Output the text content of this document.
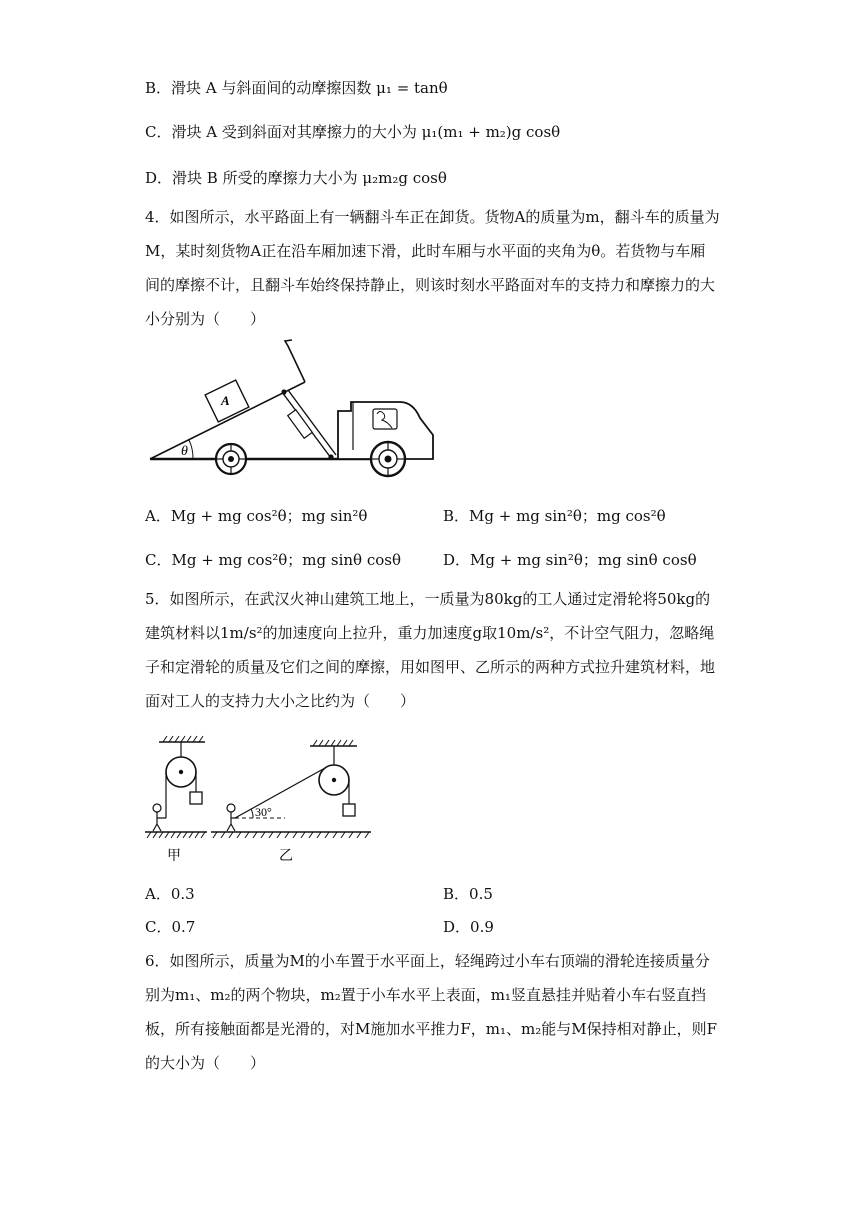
B．滑块 A 与斜面间的动摩擦因数 μ₁ = tanθ
C．滑块 A 受到斜面对其摩擦力的大小为 μ₁(m₁ + m₂)g cosθ
D．滑块 B 所受的摩擦力大小为 μ₂m₂g cosθ
4．如图所示，水平路面上有一辆翻斗车正在卸货。货物A的质量为m，翻斗车的质量为M，某时刻货物A正在沿车厢加速下滑，此时车厢与水平面的夹角为θ。若货物与车厢间的摩擦不计，且翻斗车始终保持静止，则该时刻水平路面对车的支持力和摩擦力的大小分别为（　　）
θ
A
A．Mg + mg cos²θ；mg sin²θ	B．Mg + mg sin²θ；mg cos²θ
C．Mg + mg cos²θ；mg sinθ cosθ	D．Mg + mg sin²θ；mg sinθ cosθ
5．如图所示，在武汉火神山建筑工地上，一质量为80kg的工人通过定滑轮将50kg的建筑材料以1m/s²的加速度向上拉升，重力加速度g取10m/s²，不计空气阻力，忽略绳子和定滑轮的质量及它们之间的摩擦，用如图甲、乙所示的两种方式拉升建筑材料，地面对工人的支持力大小之比约为（　　）
甲
30°
乙
A．0.3	B．0.5
C．0.7	D．0.9
6．如图所示，质量为M的小车置于水平面上，轻绳跨过小车右顶端的滑轮连接质量分别为m₁、m₂的两个物块，m₂置于小车水平上表面，m₁竖直悬挂并贴着小车右竖直挡板，所有接触面都是光滑的，对M施加水平推力F，m₁、m₂能与M保持相对静止，则F的大小为（　　）
